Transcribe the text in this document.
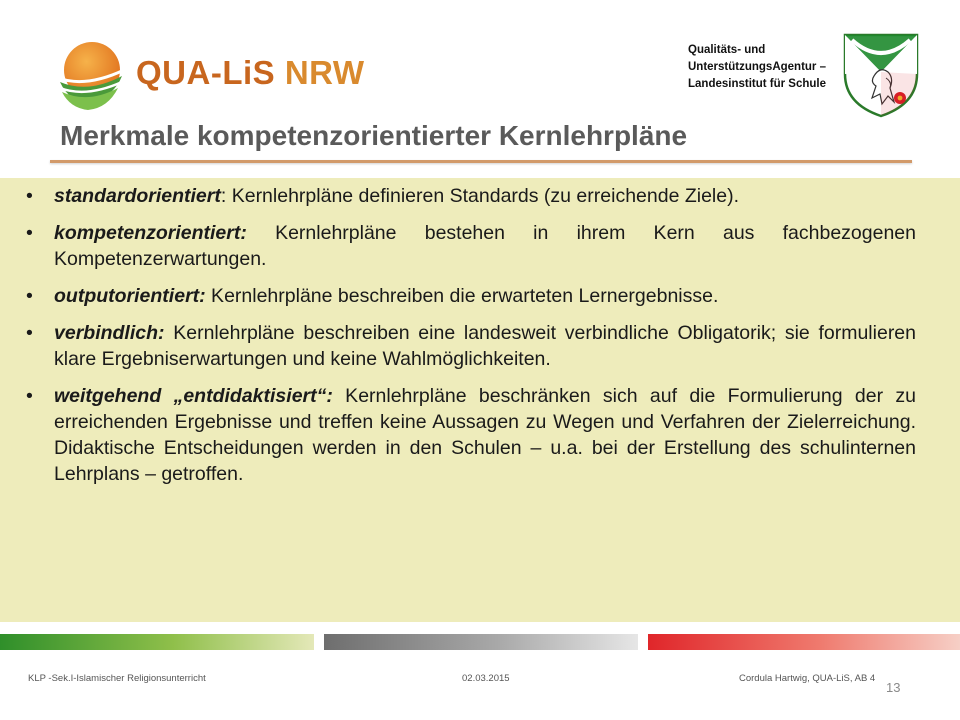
QUA-LiS NRW
Qualitäts- und
UnterstützungsAgentur –
Landesinstitut für Schule
Merkmale kompetenzorientierter Kernlehrpläne
• standardorientiert: Kernlehrpläne definieren Standards (zu erreichende Ziele).
• kompetenzorientiert: Kernlehrpläne bestehen in ihrem Kern aus fachbezogenen Kompetenzerwartungen.
• outputorientiert: Kernlehrpläne beschreiben die erwarteten Lernergebnisse.
• verbindlich: Kernlehrpläne beschreiben eine landesweit verbindliche Obligatorik; sie formulieren klare Ergebniserwartungen und keine Wahlmöglichkeiten.
• weitgehend „entdidaktisiert“: Kernlehrpläne beschränken sich auf die Formulierung der zu erreichenden Ergebnisse und treffen keine Aussagen zu Wegen und Verfahren der Zielerreichung. Didaktische Entscheidungen werden in den Schulen – u.a. bei der Erstellung des schulinternen Lehrplans – getroffen.
KLP -Sek.I-Islamischer Religionsunterricht	02.03.2015	Cordula Hartwig, QUA-LiS, AB 4
13
